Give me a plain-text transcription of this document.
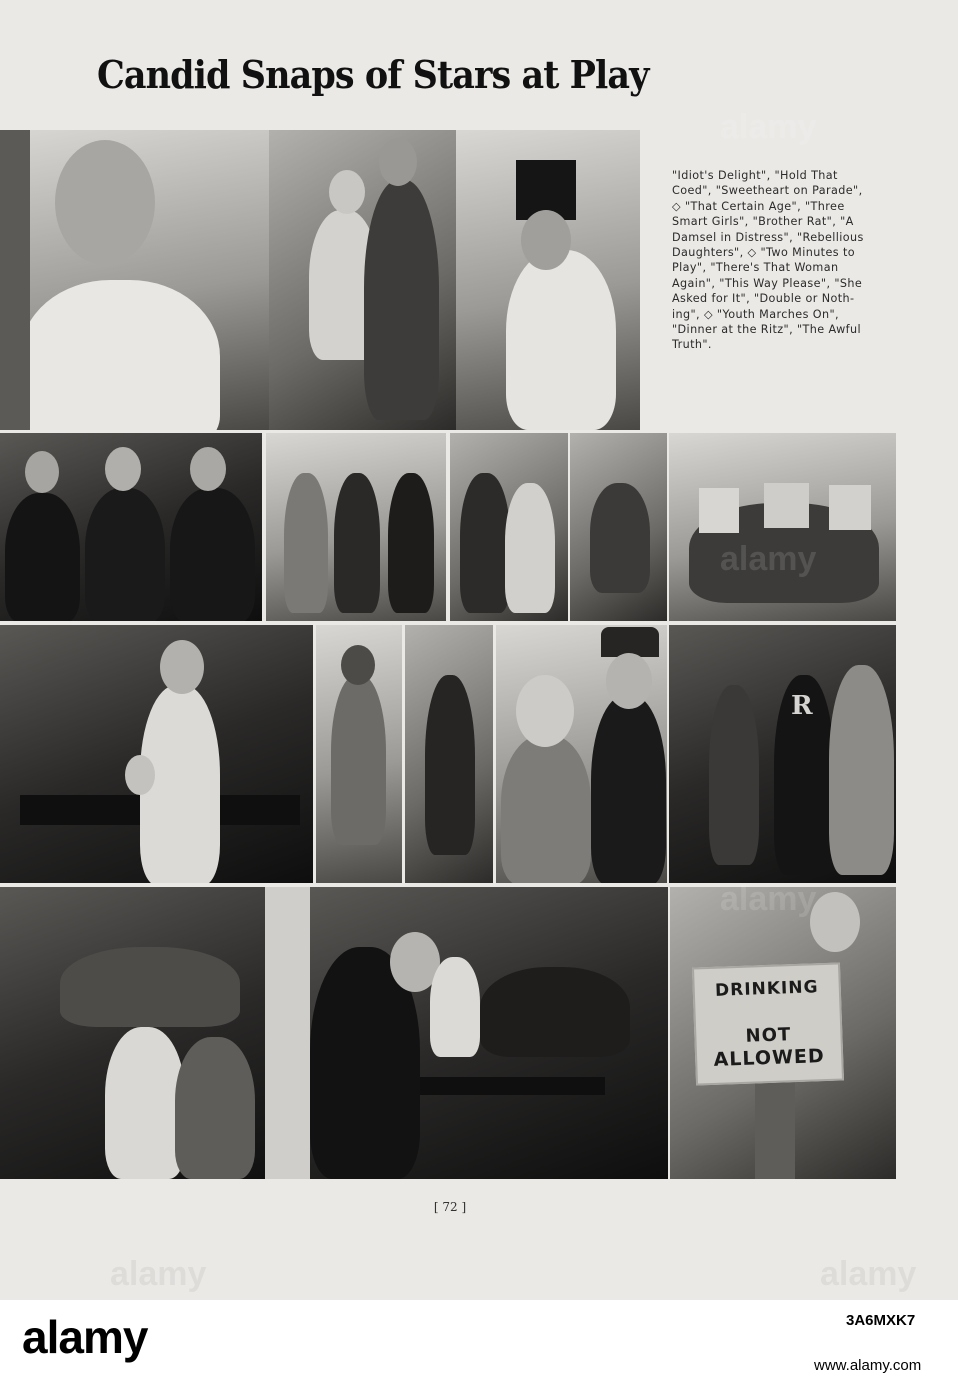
Candid Snaps of Stars at Play
"Idiot's Delight", "Hold That
Coed", "Sweetheart on Parade",
◇ "That Certain Age", "Three
Smart Girls", "Brother Rat", "A
Damsel in Distress", "Rebellious
Daughters", ◇ "Two Minutes to
Play", "There's That Woman
Again", "This Way Please", "She
Asked for It", "Double or Noth-
ing", ◇ "Youth Marches On",
"Dinner at the Ritz", "The Awful
Truth".
R
DRINKING
NOT
ALLOWED
alamy
alamy
alamy
alamy	alamy
[ 72 ]
alamy	3A6MXK7
www.alamy.com
